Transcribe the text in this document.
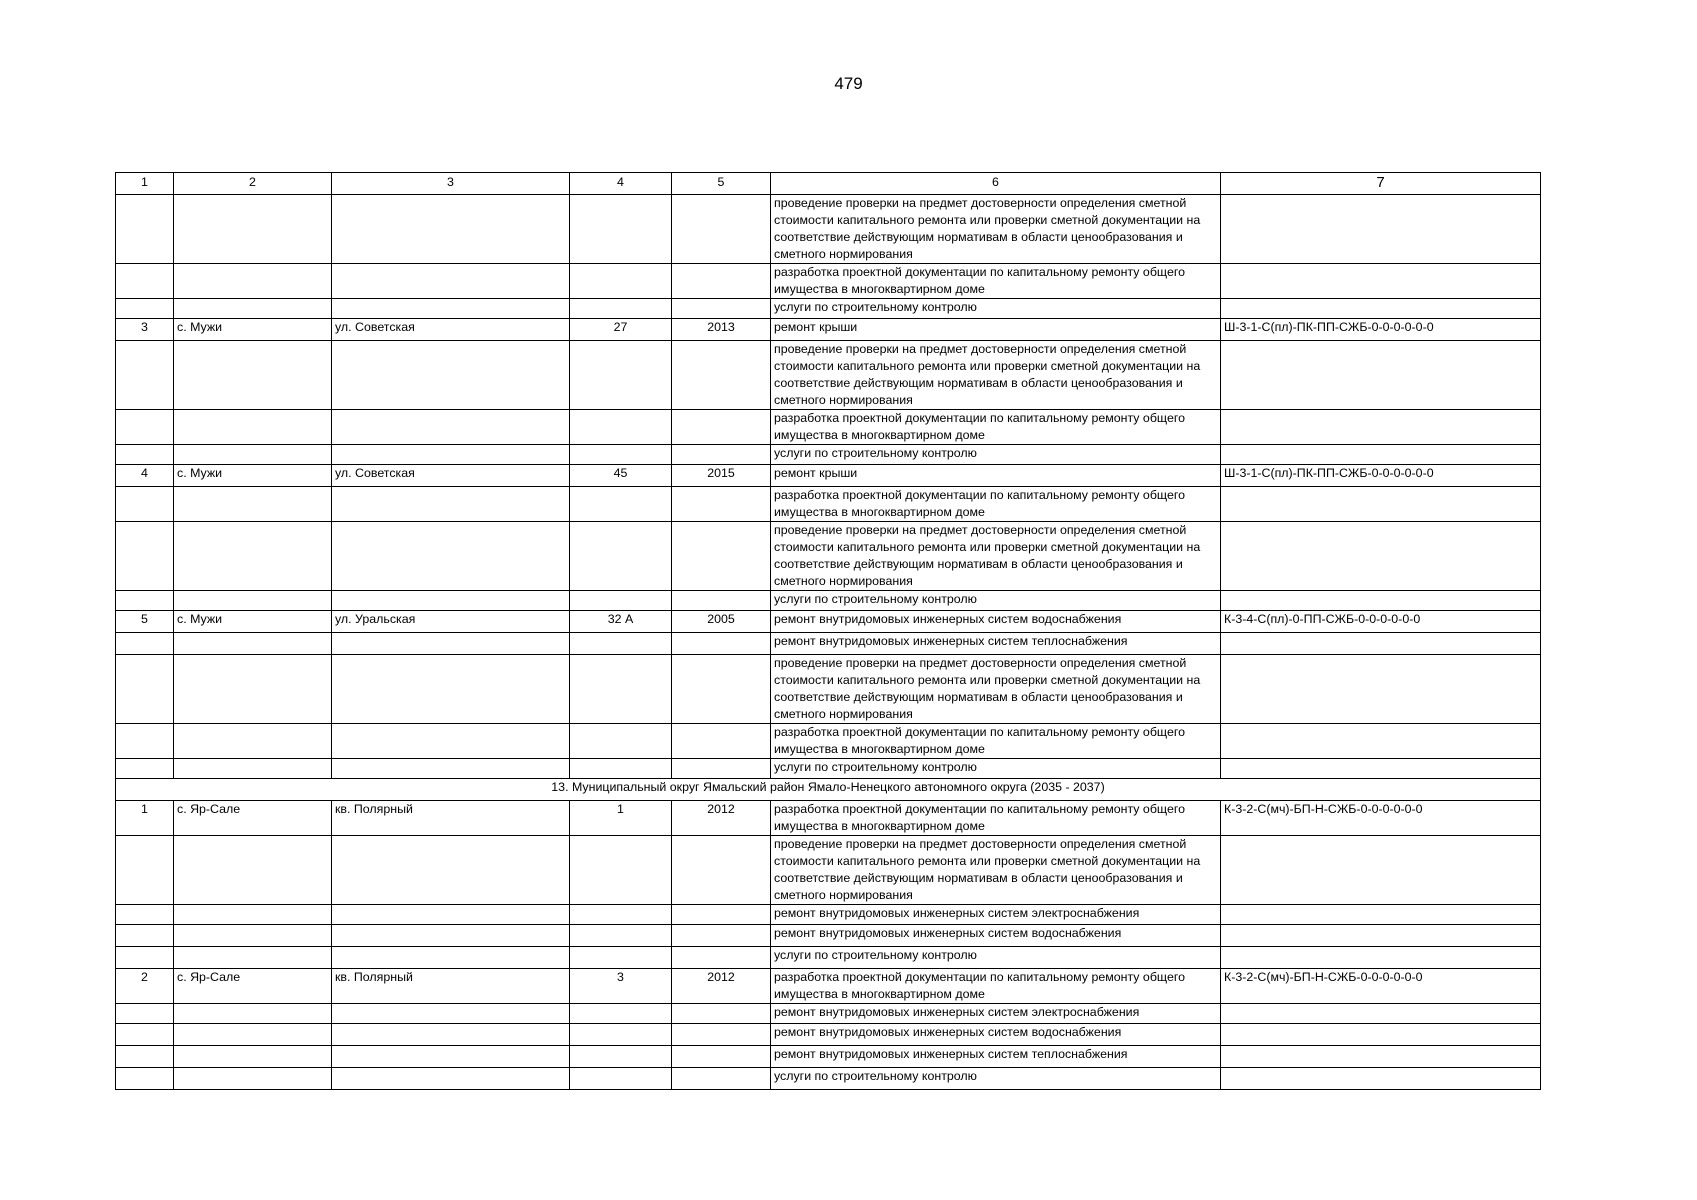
479
1	2	3	4	5	6	7
					проведение проверки на предмет достоверности определения сметной стоимости капитального ремонта или проверки сметной документации на соответствие действующим нормативам в области ценообразования и сметного нормирования	
					разработка проектной документации по капитальному ремонту общего имущества в многоквартирном доме	
					услуги по строительному контролю	
3	с. Мужи	ул. Советская	27	2013	ремонт крыши	Ш-3-1-С(пл)-ПК-ПП-СЖБ-0-0-0-0-0-0
					проведение проверки на предмет достоверности определения сметной стоимости капитального ремонта или проверки сметной документации на соответствие действующим нормативам в области ценообразования и сметного нормирования	
					разработка проектной документации по капитальному ремонту общего имущества в многоквартирном доме	
					услуги по строительному контролю	
4	с. Мужи	ул. Советская	45	2015	ремонт крыши	Ш-3-1-С(пл)-ПК-ПП-СЖБ-0-0-0-0-0-0
					разработка проектной документации по капитальному ремонту общего имущества в многоквартирном доме	
					проведение проверки на предмет достоверности определения сметной стоимости капитального ремонта или проверки сметной документации на соответствие действующим нормативам в области ценообразования и сметного нормирования	
					услуги по строительному контролю	
5	с. Мужи	ул. Уральская	32 А	2005	ремонт внутридомовых инженерных систем водоснабжения	К-3-4-С(пл)-0-ПП-СЖБ-0-0-0-0-0-0
					ремонт внутридомовых инженерных систем теплоснабжения	
					проведение проверки на предмет достоверности определения сметной стоимости капитального ремонта или проверки сметной документации на соответствие действующим нормативам в области ценообразования и сметного нормирования	
					разработка проектной документации по капитальному ремонту общего имущества в многоквартирном доме	
					услуги по строительному контролю	
13. Муниципальный округ Ямальский район Ямало-Ненецкого автономного округа (2035 - 2037)						
1	с. Яр-Сале	кв. Полярный	1	2012	разработка проектной документации по капитальному ремонту общего имущества в многоквартирном доме	К-3-2-С(мч)-БП-Н-СЖБ-0-0-0-0-0-0
					проведение проверки на предмет достоверности определения сметной стоимости капитального ремонта или проверки сметной документации на соответствие действующим нормативам в области ценообразования и сметного нормирования	
					ремонт внутридомовых инженерных систем электроснабжения	
					ремонт внутридомовых инженерных систем водоснабжения	
					услуги по строительному контролю	
2	с. Яр-Сале	кв. Полярный	3	2012	разработка проектной документации по капитальному ремонту общего имущества в многоквартирном доме	К-3-2-С(мч)-БП-Н-СЖБ-0-0-0-0-0-0
					ремонт внутридомовых инженерных систем электроснабжения	
					ремонт внутридомовых инженерных систем водоснабжения	
					ремонт внутридомовых инженерных систем теплоснабжения	
					услуги по строительному контролю	
